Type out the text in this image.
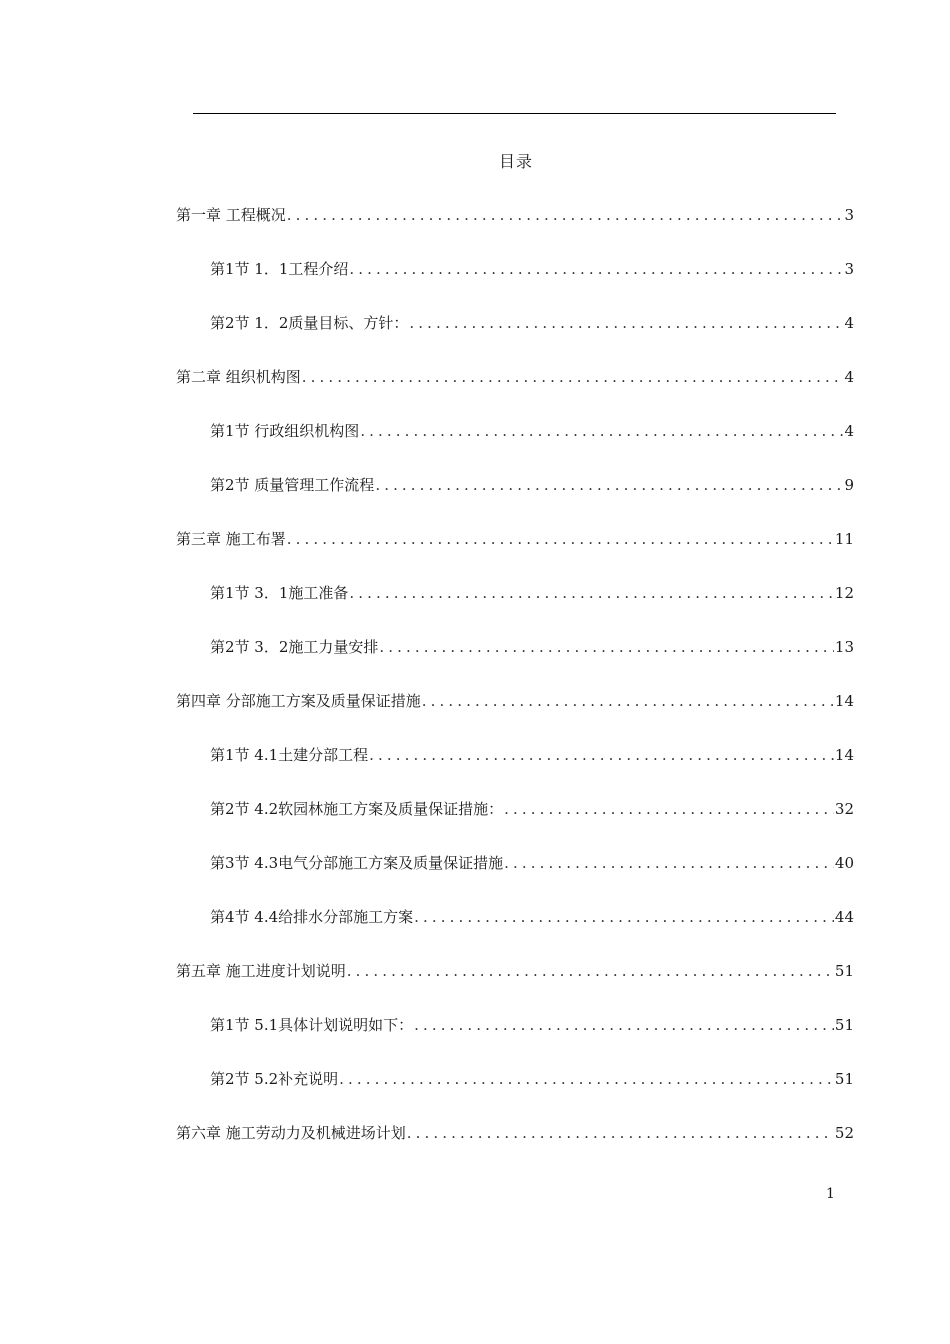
目录
第一章 工程概况 .....	3
第1节 1．1工程介绍 .....	3
第2节 1．2质量目标、方针： .....	4
第二章 组织机构图 .....	4
第1节 行政组织机构图 .....	4
第2节 质量管理工作流程 .....	9
第三章 施工布署 .....	11
第1节 3．1施工准备 .....	12
第2节 3．2施工力量安排 .....	13
第四章 分部施工方案及质量保证措施 .....	14
第1节 4.1土建分部工程 .....	14
第2节 4.2软园林施工方案及质量保证措施： .....	32
第3节 4.3电气分部施工方案及质量保证措施 .....	40
第4节 4.4给排水分部施工方案 .....	44
第五章 施工进度计划说明 .....	51
第1节 5.1具体计划说明如下： .....	51
第2节 5.2补充说明 .....	51
第六章 施工劳动力及机械进场计划 .....	52
1
